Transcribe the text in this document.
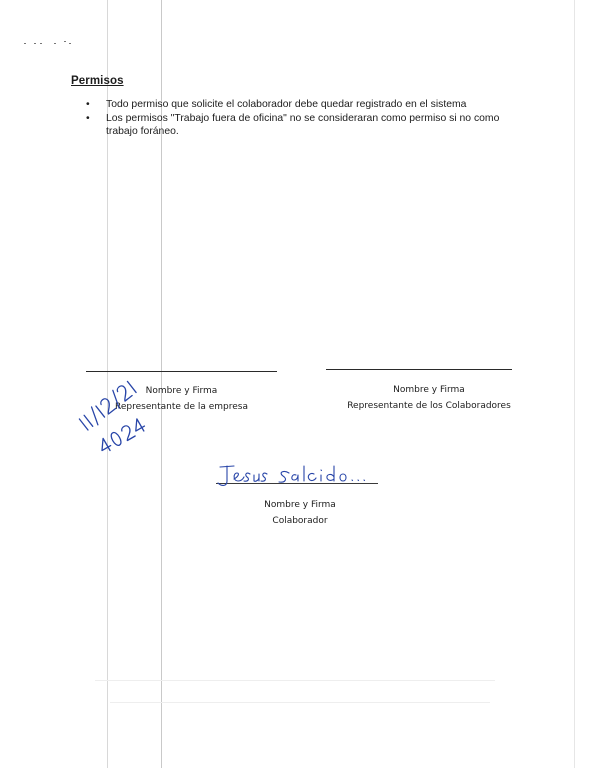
Permisos
• Todo permiso que solicite el colaborador debe quedar registrado en el sistema
• Los permisos "Trabajo fuera de oficina" no se consideraran como permiso si no como trabajo foráneo.
Nombre y Firma
Representante de la empresa
Nombre y Firma
Representante de los Colaboradores
Nombre y Firma
Colaborador
